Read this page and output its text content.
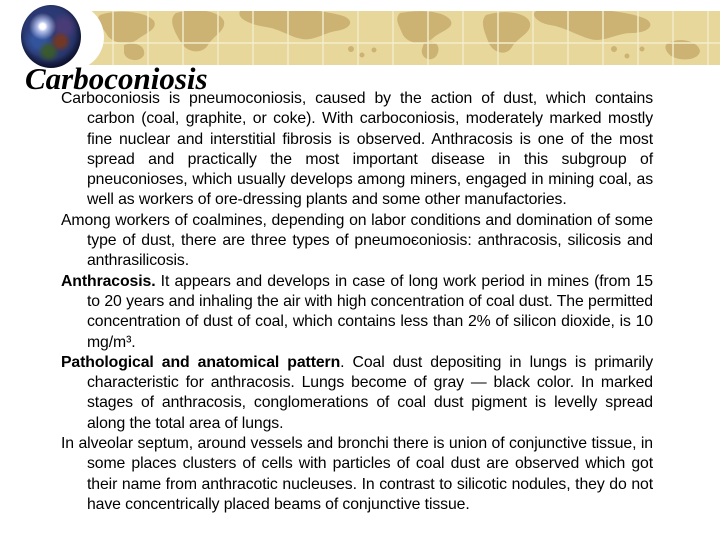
Carboconiosis

Carboconiosis is pneumoconiosis, caused by the action of dust, which contains carbon (coal, graphite, or coke). With carboconiosis, moderately marked mostly fine nuclear and interstitial fibrosis is observed. Anthracosis is one of the most spread and practically the most important disease in this subgroup of pneuconioses, which usually develops among miners, engaged in mining coal, as well as workers of ore-dressing plants and some other manufactories.

Among workers of coalmines, depending on labor conditions and domination of some type of dust, there are three types of pneumoєoniosis: anthracosis, silicosis and anthrasilicosis.

Anthracosis. It appears and develops in case of long work period in mines (from 15 to 20 years and inhaling the air with high concentration of coal dust. The permitted concentration of dust of coal, which contains less than 2% of silicon dioxide, is 10 mg/m³.

Pathological and anatomical pattern. Coal dust depositing in lungs is primarily characteristic for anthracosis. Lungs become of gray — black color. In marked stages of anthracosis, conglomerations of coal dust pigment is levelly spread along the total area of lungs.

In alveolar septum, around vessels and bronchi there is union of conjunctive tissue, in some places clusters of cells with particles of coal dust are observed which got their name from anthracotic nucleuses. In contrast to silicotic nodules, they do not have concentrically placed beams of conjunctive tissue.
